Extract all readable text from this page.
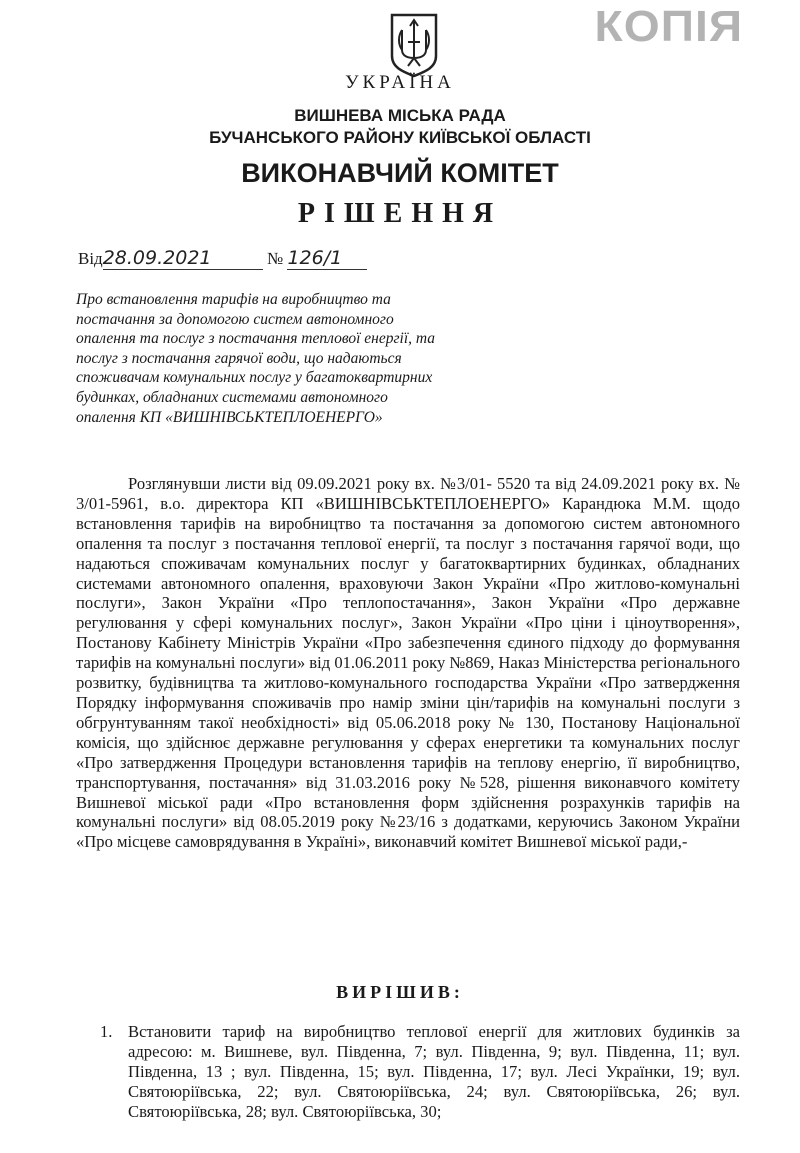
КОПІЯ
УКРАЇНА
ВИШНЕВА МІСЬКА РАДА
БУЧАНСЬКОГО РАЙОНУ КИЇВСЬКОЇ ОБЛАСТІ
ВИКОНАВЧИЙ КОМІТЕТ
РІШЕННЯ
Від28.09.2021	№ 126/1
Про встановлення тарифів на виробництво та постачання за допомогою систем автономного опалення та послуг з постачання теплової енергії, та послуг з постачання гарячої води, що надаються споживачам комунальних послуг у багатоквартирних будинках, обладнаних системами автономного опалення КП «ВИШНІВСЬКТЕПЛОЕНЕРГО»
Розглянувши листи від 09.09.2021 року вх. №3/01- 5520 та від 24.09.2021 року вх. № 3/01-5961, в.о. директора КП «ВИШНІВСЬКТЕПЛОЕНЕРГО» Карандюка М.М. щодо встановлення тарифів на виробництво та постачання за допомогою систем автономного опалення та послуг з постачання теплової енергії, та послуг з постачання гарячої води, що надаються споживачам комунальних послуг у багатоквартирних будинках, обладнаних системами автономного опалення, враховуючи Закон України «Про житлово-комунальні послуги», Закон України «Про теплопостачання», Закон України «Про державне регулювання у сфері комунальних послуг», Закон України «Про ціни і ціноутворення», Постанову Кабінету Міністрів України «Про забезпечення єдиного підходу до формування тарифів на комунальні послуги» від 01.06.2011 року №869, Наказ Міністерства регіонального розвитку, будівництва та житлово-комунального господарства України «Про затвердження Порядку інформування споживачів про намір зміни цін/тарифів на комунальні послуги з обгрунтуванням такої необхідності» від 05.06.2018 року № 130, Постанову Національної комісія, що здійснює державне регулювання у сферах енергетики та комунальних послуг «Про затвердження Процедури встановлення тарифів на теплову енергію, її виробництво, транспортування, постачання» від 31.03.2016 року №528, рішення виконавчого комітету Вишневої міської ради «Про встановлення форм здійснення розрахунків тарифів на комунальні послуги» від 08.05.2019 року №23/16 з додатками, керуючись Законом України «Про місцеве самоврядування в Україні», виконавчий комітет Вишневої міської ради,-
ВИРІШИВ:
1. Встановити тариф на виробництво теплової енергії для житлових будинків за адресою: м. Вишневе, вул. Південна, 7; вул. Південна, 9; вул. Південна, 11; вул. Південна, 13 ; вул. Південна, 15; вул. Південна, 17; вул. Лесі Українки, 19; вул. Святоюріївська, 22; вул. Святоюріївська, 24; вул. Святоюріївська, 26; вул. Святоюріївська, 28; вул. Святоюріївська, 30;
